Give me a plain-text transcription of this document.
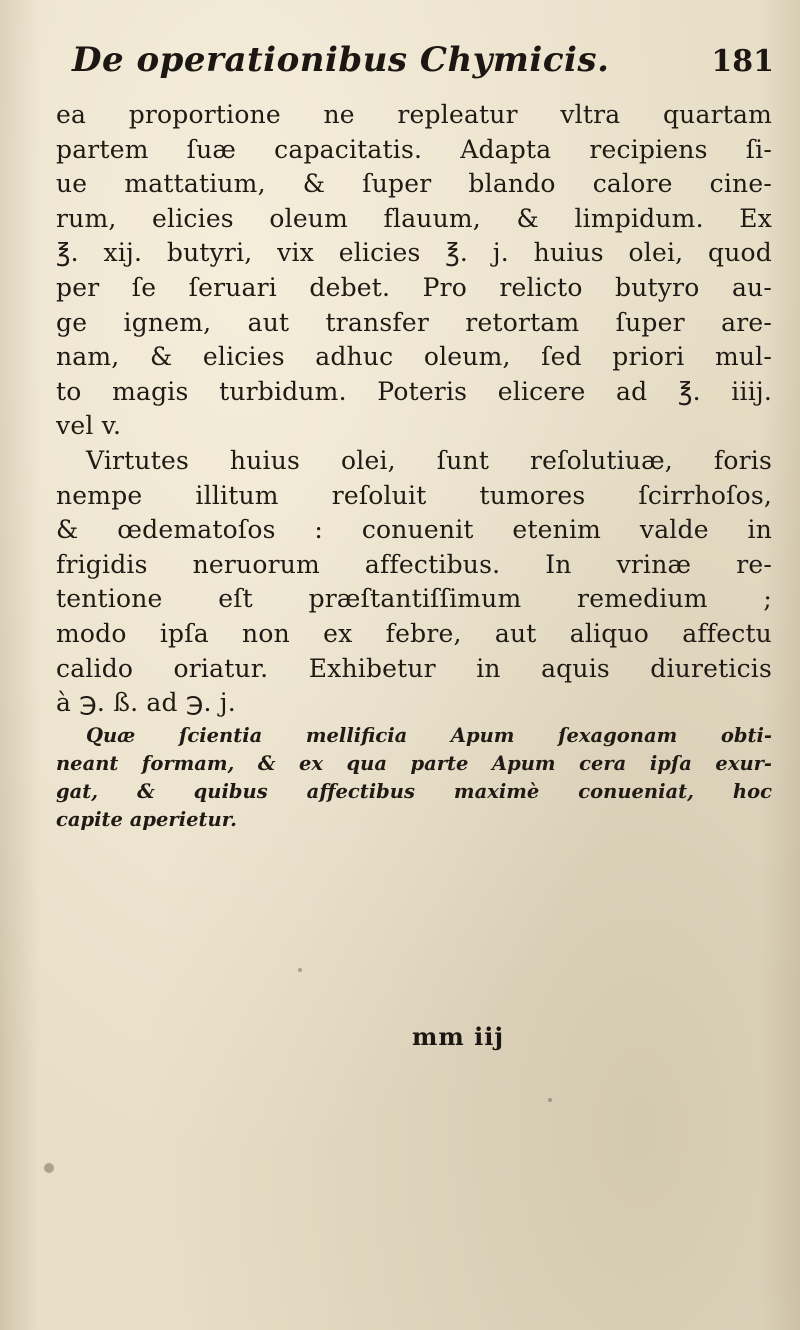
De operationibus Chymicis.	181
ea proportione ne repleatur vltra quartam
partem ſuæ capacitatis. Adapta recipiens ſi-
ue mattatium, & ſuper blando calore cine-
rum, elicies oleum flauum, & limpidum. Ex
℥. xij. butyri, vix elicies ℥. j. huius olei, quod
per ſe ſeruari debet. Pro relicto butyro au-
ge ignem, aut transfer retortam ſuper are-
nam, & elicies adhuc oleum, ſed priori mul-
to magis turbidum. Poteris elicere ad ℥. iiij.
vel v.
Virtutes huius olei, ſunt reſolutiuæ, foris
nempe illitum reſoluit tumores ſcirrhoſos,
& œdematoſos : conuenit etenim valde in
frigidis neruorum affectibus. In vrinæ re-
tentione eſt præſtantiſſimum remedium ;
modo ipſa non ex febre, aut aliquo affectu
calido oriatur. Exhibetur in aquis diureticis
à ℈. ß. ad ℈. j.
Quæ ſcientia mellificia Apum ſexagonam obti-
neant formam, & ex qua parte Apum cera ipſa exur-
gat, & quibus affectibus maximè conueniat, hoc
capite aperietur.
mm iij
